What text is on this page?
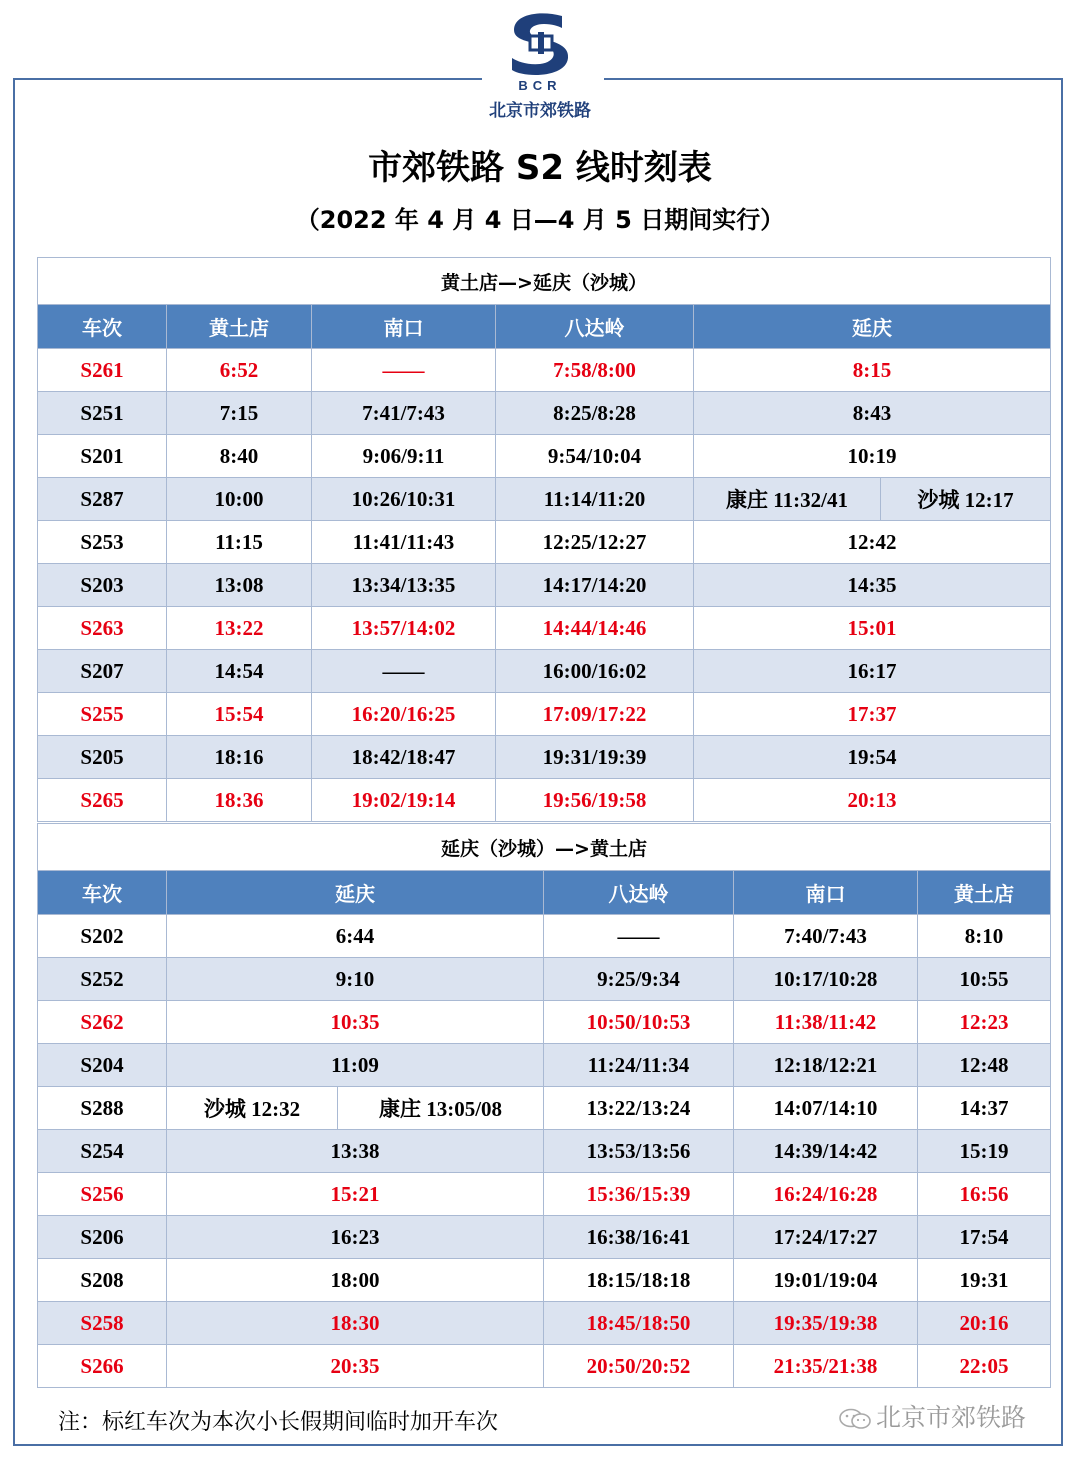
BCR
北京市郊铁路
市郊铁路 S2 线时刻表
（2022 年 4 月 4 日—4 月 5 日期间实行）
黄土店—>延庆（沙城）					
车次	黄土店	南口	八达岭	延庆	
S261	6:52	——	7:58/8:00	8:15	
S251	7:15	7:41/7:43	8:25/8:28	8:43	
S201	8:40	9:06/9:11	9:54/10:04	10:19	
S287	10:00	10:26/10:31	11:14/11:20	康庄 11:32/41	沙城 12:17
S253	11:15	11:41/11:43	12:25/12:27	12:42	
S203	13:08	13:34/13:35	14:17/14:20	14:35	
S263	13:22	13:57/14:02	14:44/14:46	15:01	
S207	14:54	——	16:00/16:02	16:17	
S255	15:54	16:20/16:25	17:09/17:22	17:37	
S205	18:16	18:42/18:47	19:31/19:39	19:54	
S265	18:36	19:02/19:14	19:56/19:58	20:13	
延庆（沙城）—>黄土店					
车次	延庆		八达岭	南口	黄土店
S202	6:44		——	7:40/7:43	8:10
S252	9:10		9:25/9:34	10:17/10:28	10:55
S262	10:35		10:50/10:53	11:38/11:42	12:23
S204	11:09		11:24/11:34	12:18/12:21	12:48
S288	沙城 12:32	康庄 13:05/08	13:22/13:24	14:07/14:10	14:37
S254	13:38		13:53/13:56	14:39/14:42	15:19
S256	15:21		15:36/15:39	16:24/16:28	16:56
S206	16:23		16:38/16:41	17:24/17:27	17:54
S208	18:00		18:15/18:18	19:01/19:04	19:31
S258	18:30		18:45/18:50	19:35/19:38	20:16
S266	20:35		20:50/20:52	21:35/21:38	22:05
注：标红车次为本次小长假期间临时加开车次	北京市郊铁路
